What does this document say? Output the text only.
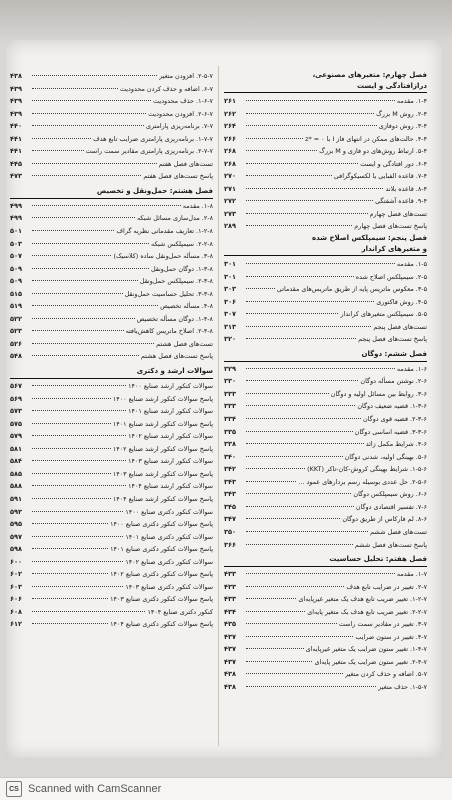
فصل چهارم: متغیرهای مصنوعی،
درازافتادگی و ایست
۱-۴. مقدمه
۲۶۱
۲-۴. روش M بزرگ
۲۶۲
۳-۴. روش دوفازی
۲۶۴
۴-۴. حالت‌های ممکن در انتهای فاز I با z* = ۰
۲۶۶
۵-۴. ارتباط روش‌های دو فازی و M بزرگ
۲۶۸
۶-۴. دور افتادگی و ایست
۲۶۸
۷-۴. قاعده الفبایی یا لکسیکوگرافی
۲۷۰
۸-۴. قاعده بلاند
۲۷۱
۹-۴. قاعده آشفتگی
۲۷۲
تست‌های فصل چهارم
۲۷۳
پاسخ تست‌های فصل چهارم
۲۸۹
فصل پنجم: سیمپلکس اصلاح شده
و متغیرهای کراندار
۱-۵. مقدمه
۳۰۱
۲-۵. سیمپلکس اصلاح شده
۳۰۱
۳-۵. معکوس ماتریس پایه از طریق ماتریس‌های مقدماتی
۳۰۳
۴-۵. روش فاکتوری
۳۰۶
۵-۵. سیمپلکس متغیرهای کراندار
۳۰۷
تست‌های فصل پنجم
۳۱۳
پاسخ تست‌های فصل پنجم
۳۲۰
فصل ششم: دوگان
۱-۶. مقدمه
۳۲۹
۲-۶. نوشتن مسأله دوگان
۳۳۰
۳-۶. روابط بین مسائل اولیه و دوگان
۳۳۳
۱-۳-۶. قضیه ضعیف دوگان
۳۳۳
۲-۳-۶. قضیه قوی دوگان
۳۳۴
۳-۳-۶. قضیه اساسی دوگان
۳۳۵
۴-۶. شرایط مکمل زائد
۳۳۸
۵-۶. بهینگی اولیه، شدنی دوگان
۳۴۰
۱-۵-۶. شرایط بهینگی کروش-کان-تاکر (KKT)
۳۴۲
۲-۵-۶. حل عددی بوسیله رسم بردارهای عمود ...
۳۴۳
۶-۶. روش سیمپلکس دوگان
۳۴۳
۷-۶. تفسیر اقتصادی دوگان
۳۴۵
۸-۶. لم فارکاس از طریق دوگان
۳۴۷
تست‌های فصل ششم
۳۵۰
پاسخ تست‌های فصل ششم
۳۶۶
فصل هفتم: تحلیل حساسیت
۱-۷. مقدمه
۴۳۳
۲-۷. تغییر در ضرایب تابع هدف
۴۳۳
۱-۲-۷. تغییر ضریب تابع هدف یک متغیر غیرپایه‌ای
۴۳۳
۲-۲-۷. تغییر ضریب تابع هدف یک متغیر پایه‌ای
۴۳۴
۳-۷. تغییر در مقادیر سمت راست
۴۳۵
۴-۷. تغییر در ستون ضرایب
۴۳۷
۱-۴-۷. تغییر ستون ضرایب یک متغیر غیرپایه‌ای
۴۳۷
۲-۴-۷. تغییر ستون ضرایب یک متغیر پایه‌ای
۴۳۷
۵-۷. اضافه و حذف کردن متغیر
۴۳۸
۱-۵-۷. حذف متغیر
۴۳۸
۲-۵-۷. افزودن متغیر
۴۳۸
۶-۷. اضافه و حذف کردن محدودیت
۴۳۹
۱-۶-۷. حذف محدودیت
۴۳۹
۲-۶-۷. افزودن محدودیت
۴۳۹
۷-۷. برنامه‌ریزی پارامتری
۴۴۰
۱-۷-۷. برنامه‌ریزی پارامتری ضرایب تابع هدف
۴۴۱
۲-۷-۷. برنامه‌ریزی پارامتری مقادیر سمت راست
۴۴۱
تست‌های فصل هفتم
۴۴۵
پاسخ تست‌های فصل هفتم
۴۷۳
فصل هشتم: حمل‌ونقل و تخصیص
۱-۸. مقدمه
۴۹۹
۲-۸. مدل‌سازی مسائل شبکه
۴۹۹
۱-۲-۸. تعاریف مقدماتی نظریه گراف
۵۰۱
۲-۲-۸. سیمپلکس شبکه
۵۰۳
۳-۸. مسأله حمل‌ونقل ساده (کلاسیک)
۵۰۷
۱-۳-۸. دوگان حمل‌ونقل
۵۰۹
۲-۳-۸. سیمپلکس حمل‌ونقل
۵۰۹
۳-۳-۸. تحلیل حساسیت حمل‌ونقل
۵۱۵
۴-۸. مسأله تخصیص
۵۱۹
۱-۴-۸. دوگان مسأله تخصیص
۵۲۲
۲-۴-۸. اصلاح ماتریس کاهش‌یافته
۵۲۳
تست‌های فصل هشتم
۵۲۶
پاسخ تست‌های فصل هشتم
۵۴۸
سوالات ارشد و دکتری
سوالات کنکور ارشد صنایع ۱۴۰۰
۵۶۷
پاسخ سوالات کنکور ارشد صنایع ۱۴۰۰
۵۶۹
سوالات کنکور ارشد صنایع ۱۴۰۱
۵۷۳
پاسخ سوالات کنکور ارشد صنایع ۱۴۰۱
۵۷۵
سوالات کنکور ارشد صنایع ۱۴۰۲
۵۷۹
پاسخ سوالات کنکور ارشد صنایع ۱۴۰۲
۵۸۱
سوالات کنکور ارشد صنایع ۱۴۰۳
۵۸۴
پاسخ سوالات کنکور ارشد صنایع ۱۴۰۳
۵۸۵
سوالات کنکور ارشد صنایع ۱۴۰۴
۵۸۸
پاسخ سوالات کنکور ارشد صنایع ۱۴۰۴
۵۹۱
سوالات کنکور دکتری صنایع ۱۴۰۰
۵۹۳
پاسخ سوالات کنکور دکتری صنایع ۱۴۰۰
۵۹۵
سوالات کنکور دکتری صنایع ۱۴۰۱
۵۹۷
پاسخ سوالات کنکور دکتری صنایع ۱۴۰۱
۵۹۸
سوالات کنکور دکتری صنایع ۱۴۰۲
۶۰۰
پاسخ سوالات کنکور دکتری صنایع ۱۴۰۲
۶۰۲
سوالات کنکور دکتری صنایع ۱۴۰۳
۶۰۳
پاسخ سوالات کنکور دکتری صنایع ۱۴۰۳
۶۰۶
کنکور دکتری صنایع ۱۴۰۴
۶۰۸
پاسخ سوالات کنکور دکتری صنایع ۱۴۰۴
۶۱۲
CS Scanned with CamScanner
